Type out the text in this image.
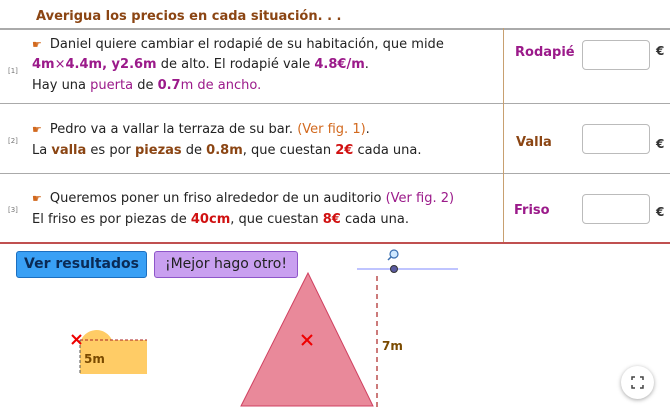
Averigua los precios en cada situación. . .
[1]
☛ Daniel quiere cambiar el rodapié de su habitación, que mide
4m×4.4m, y2.6m de alto. El rodapié vale 4.8€/m.
Hay una puerta de 0.7m de ancho.
Rodapié	€
[2]
☛ Pedro va a vallar la terraza de su bar. (Ver fig. 1).
La valla es por piezas de 0.8m, que cuestan 2€ cada una.
Valla	€
[3]
☛ Queremos poner un friso alrededor de un auditorio (Ver fig. 2)
El friso es por piezas de 40cm, que cuestan 8€ cada una.
Friso	€
Ver resultados	¡Mejor hago otro!
5m
7m
